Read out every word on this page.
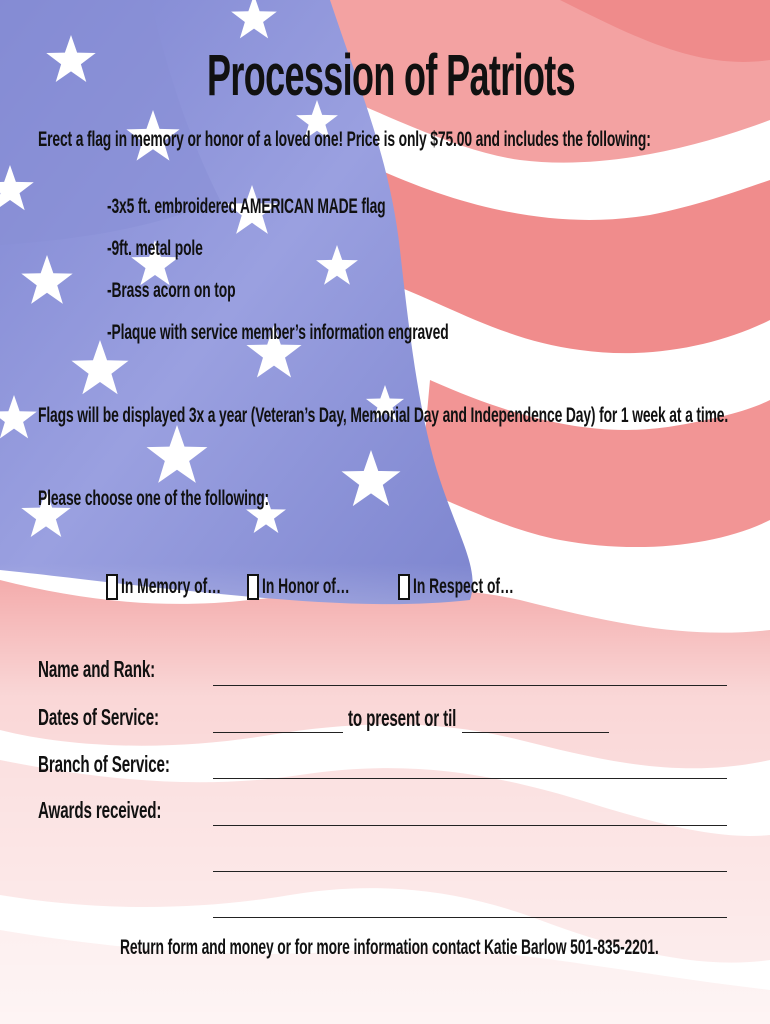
Procession of Patriots
Erect a flag in memory or honor of a loved one! Price is only $75.00 and includes the following:
-3x5 ft. embroidered AMERICAN MADE flag
-9ft. metal pole
-Brass acorn on top
-Plaque with service member’s information engraved
Flags will be displayed 3x a year (Veteran’s Day, Memorial Day and Independence Day) for 1 week at a time.
Please choose one of the following:
In Memory of… In Honor of…	In Respect of…
Name and Rank:
Dates of Service:	to present or til
Branch of Service:
Awards received:
Return form and money or for more information contact Katie Barlow 501-835-2201.
